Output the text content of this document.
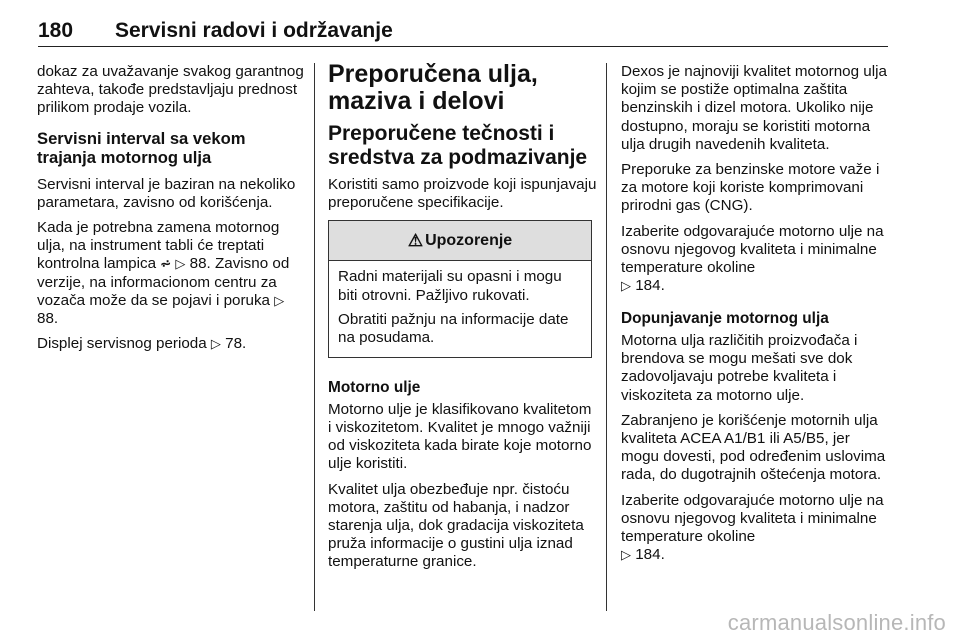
180 Servisni radovi i održavanje

dokaz za uvažavanje svakog garantnog zahteva, takođe predstavljaju prednost prilikom prodaje vozila.

Servisni interval sa vekom trajanja motornog ulja

Servisni interval je baziran na nekoliko parametara, zavisno od korišćenja.

Kada je potrebna zamena motornog ulja, na instrument tabli će treptati kontrolna lampica ⩫ ▷ 88. Zavisno od verzije, na informacionom centru za vozača može da se pojavi i poruka ▷ 88.

Displej servisnog perioda ▷ 78.

Preporučena ulja, maziva i delovi
Preporučene tečnosti i sredstva za podmazivanje

Koristiti samo proizvode koji ispunjavaju preporučene specifikacije.

⚠ Upozorenje

Radni materijali su opasni i mogu biti otrovni. Pažljivo rukovati.

Obratiti pažnju na informacije date na posudama.

Motorno ulje

Motorno ulje je klasifikovano kvalitetom i viskozitetom. Kvalitet je mnogo važniji od viskoziteta kada birate koje motorno ulje koristiti.

Kvalitet ulja obezbeđuje npr. čistoću motora, zaštitu od habanja, i nadzor starenja ulja, dok gradacija viskoziteta pruža informacije o gustini ulja iznad temperaturne granice.

Dexos je najnoviji kvalitet motornog ulja kojim se postiže optimalna zaštita benzinskih i dizel motora. Ukoliko nije dostupno, moraju se koristiti motorna ulja drugih navedenih kvaliteta.

Preporuke za benzinske motore važe i za motore koji koriste komprimovani prirodni gas (CNG).

Izaberite odgovarajuće motorno ulje na osnovu njegovog kvaliteta i minimalne temperature okoline
▷ 184.

Dopunjavanje motornog ulja

Motorna ulja različitih proizvođača i brendova se mogu mešati sve dok zadovoljavaju potrebe kvaliteta i viskoziteta za motorno ulje.

Zabranjeno je korišćenje motornih ulja kvaliteta ACEA A1/B1 ili A5/B5, jer mogu dovesti, pod određenim uslovima rada, do dugotrajnih oštećenja motora.

Izaberite odgovarajuće motorno ulje na osnovu njegovog kvaliteta i minimalne temperature okoline
▷ 184.

carmanualsonline.info
